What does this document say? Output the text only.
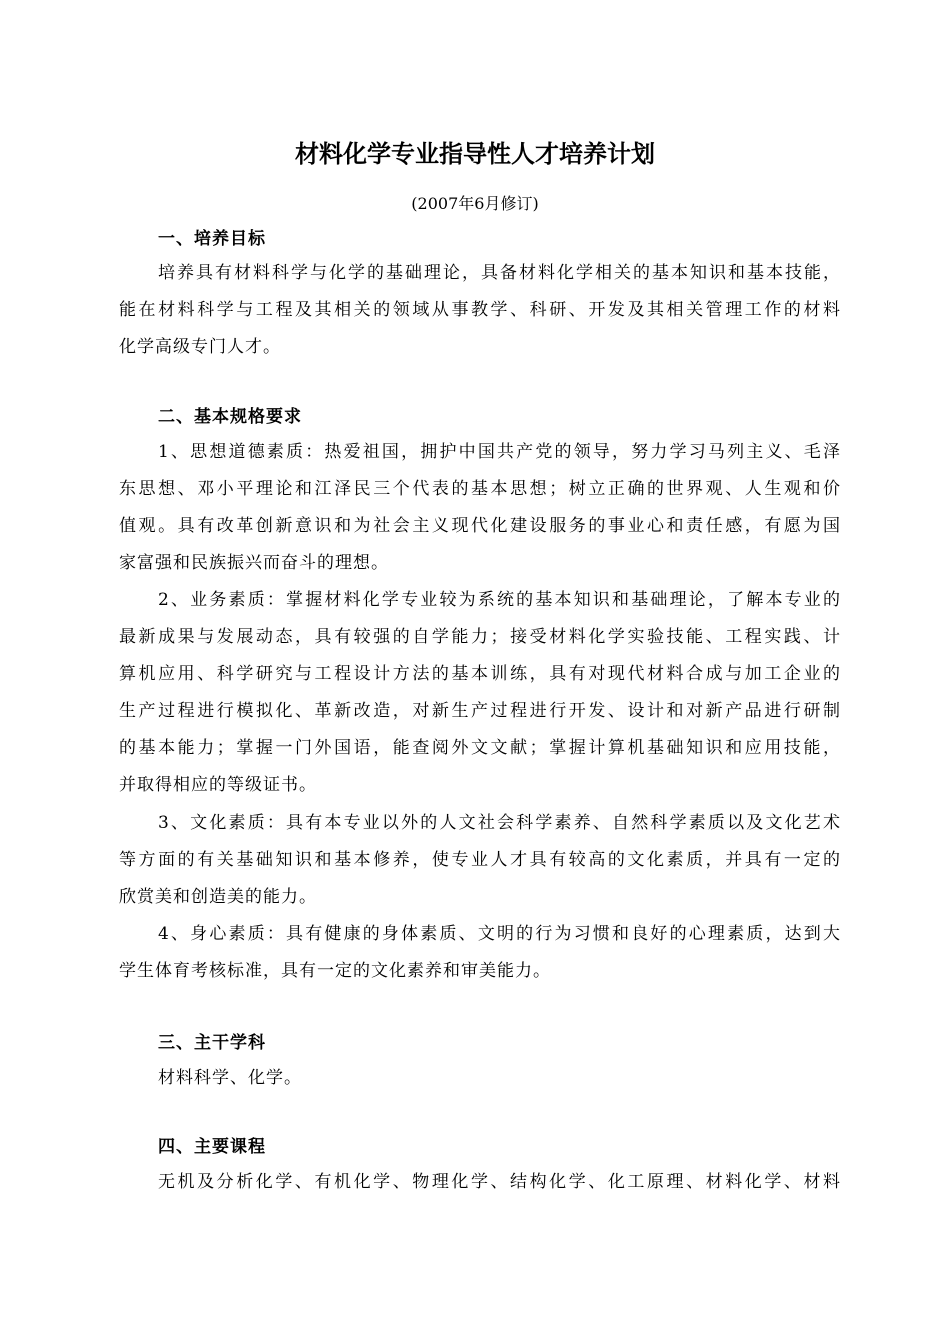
材料化学专业指导性人才培养计划
(2007年6月修订)
一、培养目标
培养具有材料科学与化学的基础理论，具备材料化学相关的基本知识和基本技能，
能在材料科学与工程及其相关的领域从事教学、科研、开发及其相关管理工作的材料
化学高级专门人才。
二、基本规格要求
1、思想道德素质：热爱祖国，拥护中国共产党的领导，努力学习马列主义、毛泽
东思想、邓小平理论和江泽民三个代表的基本思想；树立正确的世界观、人生观和价
值观。具有改革创新意识和为社会主义现代化建设服务的事业心和责任感，有愿为国
家富强和民族振兴而奋斗的理想。
2、业务素质：掌握材料化学专业较为系统的基本知识和基础理论，了解本专业的
最新成果与发展动态，具有较强的自学能力；接受材料化学实验技能、工程实践、计
算机应用、科学研究与工程设计方法的基本训练，具有对现代材料合成与加工企业的
生产过程进行模拟化、革新改造，对新生产过程进行开发、设计和对新产品进行研制
的基本能力；掌握一门外国语，能查阅外文文献；掌握计算机基础知识和应用技能，
并取得相应的等级证书。
3、文化素质：具有本专业以外的人文社会科学素养、自然科学素质以及文化艺术
等方面的有关基础知识和基本修养，使专业人才具有较高的文化素质，并具有一定的
欣赏美和创造美的能力。
4、身心素质：具有健康的身体素质、文明的行为习惯和良好的心理素质，达到大
学生体育考核标准，具有一定的文化素养和审美能力。
三、主干学科
材料科学、化学。
四、主要课程
无机及分析化学、有机化学、物理化学、结构化学、化工原理、材料化学、材料
